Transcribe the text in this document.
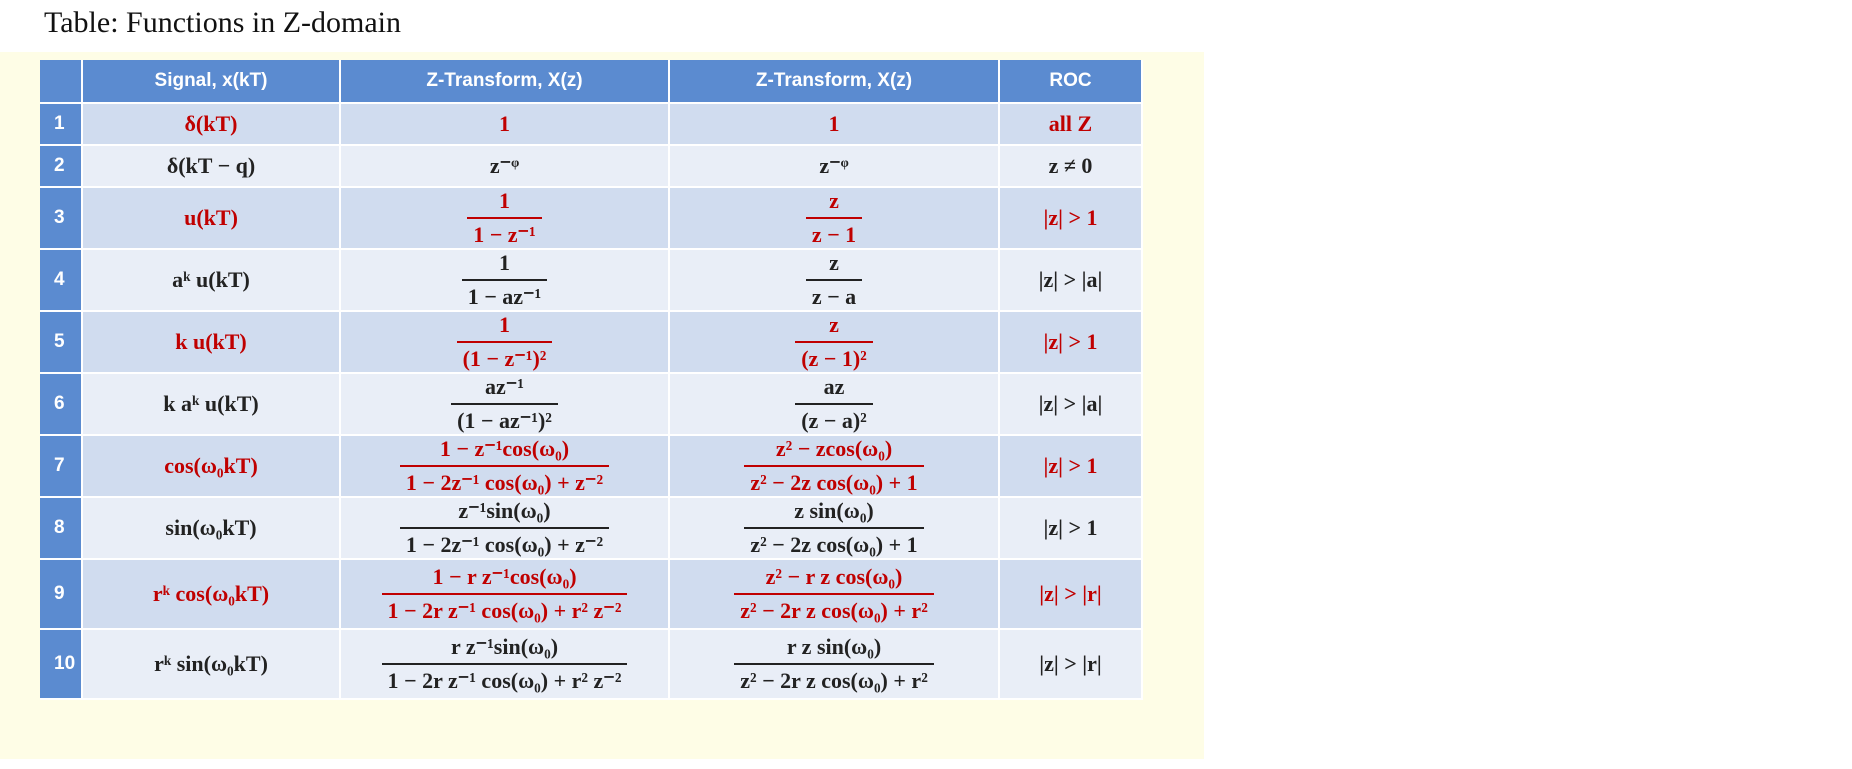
Table: Functions in Z-domain
	Signal, x(kT)	Z-Transform, X(z)	Z-Transform, X(z)	ROC
1	δ(kT)	1	1	all Z
2	δ(kT − q)	z⁻ᵠ	z⁻ᵠ	z ≠ 0
3	u(kT)	$\frac{1}{\text{1 − z⁻¹}}$	$\frac{z}{z - 1}$	|z| > 1
4	aᵏ u(kT)	$\frac{1}{\text{1 − az⁻¹}}$	$\frac{z}{z - a}$	|z| > |a|
5	k u(kT)	$\frac{1}{\text{(1 − z⁻¹)²}}$	$\frac{z}{\text{(z − 1)²}}$	|z| > 1
6	k aᵏ u(kT)	$\frac{\text{az⁻¹}}{\text{(1 − az⁻¹)²}}$	$\frac{az}{\text{(z − a)²}}$	|z| > |a|
7	cos(ω₀kT)	$\frac{\text{1 − z⁻¹cos(ω₀)}}{\text{1 − 2z⁻¹ cos(ω₀) + z⁻²}}$	$\frac{\text{z² − zcos(ω₀)}}{\text{z² − 2z cos(ω₀) + 1}}$	|z| > 1
8	sin(ω₀kT)	$\frac{\text{z⁻¹sin(ω₀)}}{\text{1 − 2z⁻¹ cos(ω₀) + z⁻²}}$	$\frac{\text{z sin(ω₀)}}{\text{z² − 2z cos(ω₀) + 1}}$	|z| > 1
9	rᵏ cos(ω₀kT)	$\frac{\text{1 − r z⁻¹cos(ω₀)}}{\text{1 − 2r z⁻¹ cos(ω₀) + r² z⁻²}}$	$\frac{\text{z² − r z cos(ω₀)}}{\text{z² − 2r z cos(ω₀) + r²}}$	|z| > |r|
10	rᵏ sin(ω₀kT)	$\frac{\text{r z⁻¹sin(ω₀)}}{\text{1 − 2r z⁻¹ cos(ω₀) + r² z⁻²}}$	$\frac{\text{r z sin(ω₀)}}{\text{z² − 2r z cos(ω₀) + r²}}$	|z| > |r|
